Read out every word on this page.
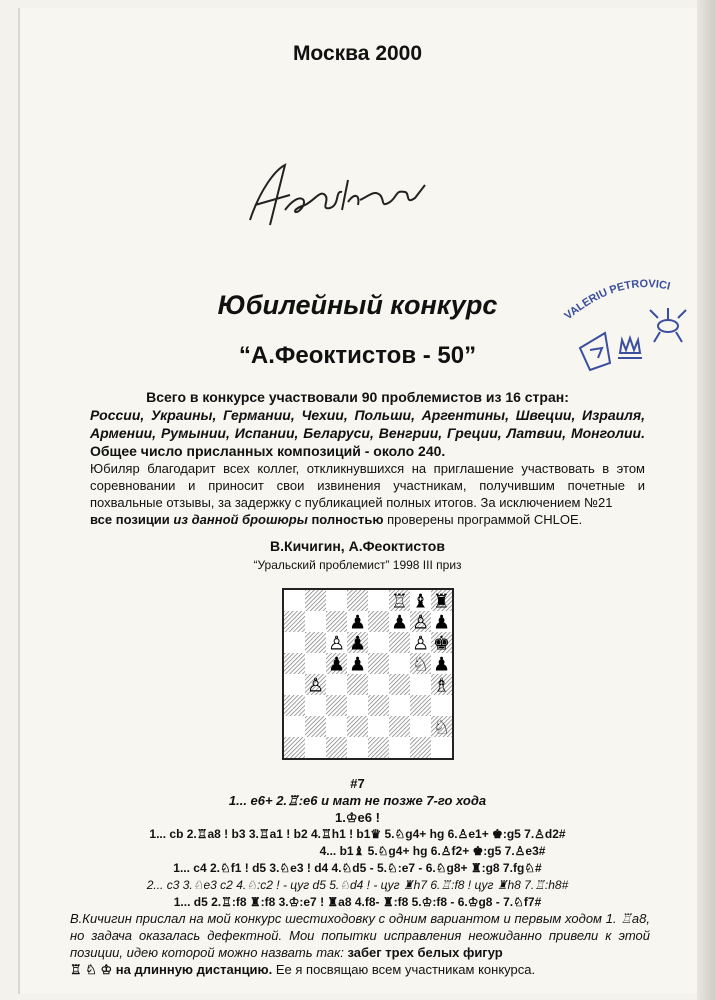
Москва 2000
Юбилейный конкурс
“А.Феоктистов - 50”
VALERIU PETROVICI
Всего в конкурсе участвовали 90 проблемистов из 16 стран:
России, Украины, Германии, Чехии, Польши, Аргентины, Швеции, Израиля, Армении, Румынии, Испании, Беларуси, Венгрии, Греции, Латвии, Монголии. Общее число присланных композиций - около 240.
Юбиляр благодарит всех коллег, откликнувшихся на приглашение участвовать в этом соревновании и приносит свои извинения участникам, получившим почетные и похвальные отзывы, за задержку с публикацией полных итогов. За исключением №21
все позиции из данной брошюры полностью проверены программой CHLOE.
В.Кичигин, А.Феоктистов
“Уральский проблемист” 1998 III приз
♖ ♝ ♜
♟ ♟ ♙ ♟
♙ ♟ ♙ ♚
♟ ♟ ♘ ♟
♙	♗
♘
#7
1... e6+ 2.♖:e6 и мат не позже 7-го хода
1.♔e6 !
1... cb 2.♖a8 ! b3 3.♖a1 ! b2 4.♖h1 ! b1♛ 5.♘g4+ hg 6.♙e1+ ♚:g5 7.♙d2#
4... b1♝ 5.♘g4+ hg 6.♙f2+ ♚:g5 7.♙e3#
1... c4 2.♘f1 ! d5 3.♘e3 ! d4 4.♘d5 - 5.♘:e7 - 6.♘g8+ ♜:g8 7.fg♘#
2... c3 3.♘e3 c2 4.♘:c2 ! - цуг d5 5.♘d4 ! - цуг ♜h7 6.♖:f8 ! цуг ♜h8 7.♖:h8#
1... d5 2.♖:f8 ♜:f8 3.♔:e7 ! ♜a8 4.f8- ♜:f8 5.♔:f8 - 6.♔g8 - 7.♘f7#
В.Кичигин прислал на мой конкурс шестиходовку с одним вариантом и первым ходом 1. ♖a8, но задача оказалась дефектной. Мои попытки исправления неожиданно привели к этой позиции, идею которой можно назвать так: забег трех белых фигур
♖ ♘ ♔ на длинную дистанцию. Ее я посвящаю всем участникам конкурса.
